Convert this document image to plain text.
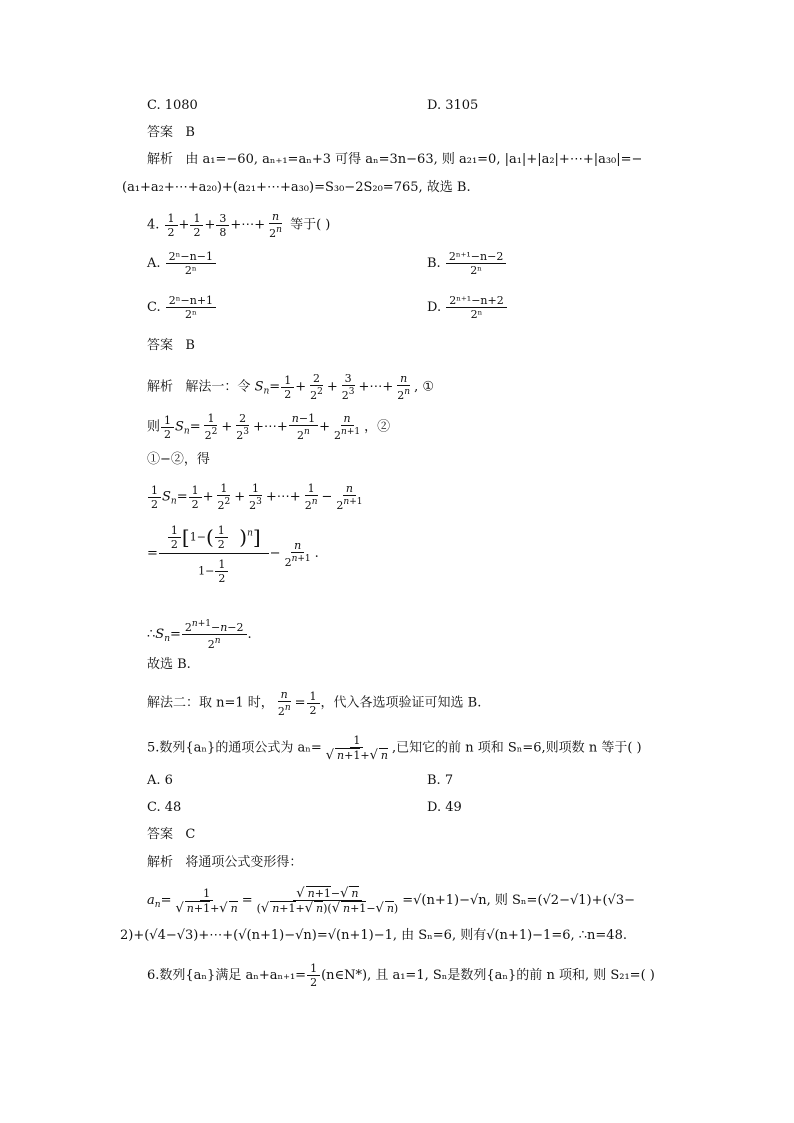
C. 1080	D. 3105
答案 B
解析 由 a₁=−60, aₙ₊₁=aₙ+3 可得 aₙ=3n−63, 则 a₂₁=0, |a₁|+|a₂|+⋯+|a₃₀|=−
(a₁+a₂+⋯+a₂₀)+(a₂₁+⋯+a₃₀)=S₃₀−2S₂₀=765, 故选 B.
4. $\frac{1}{2} + \frac{1}{2} + \frac{3}{8}$ +⋯+ $\frac{n}{2^n}$ 等于( )
A. $\frac{\text{2ⁿ−n−1}}{\text{2ⁿ}}$	B. $\frac{\text{2ⁿ⁺¹−n−2}}{\text{2ⁿ}}$
C. $\frac{\text{2ⁿ−n+1}}{\text{2ⁿ}}$	D. $\frac{\text{2ⁿ⁺¹−n+2}}{\text{2ⁿ}}$
答案 B
解析 解法一：令 $S_n= \frac{1}{2} + \frac{2}{2^2} + \frac{3}{2^3}$ +⋯+ $\frac{n}{2^n}$ , ①
则 $\frac{1}{2} S_n= \frac{1}{2^2} + \frac{2}{2^3}$ +⋯+ $\frac{n-1}{2^n} + \frac{n}{2^{n+1}}$ ，②
①−②，得
$\frac{1}{2} S_n= \frac{1}{2} + \frac{1}{2^2} + \frac{1}{2^3}$ +⋯+ $\frac{1}{2^n} - \frac{n}{2^{n+1}}$
= $\frac{\frac{1}{2} [1-( \frac{1}{2} )^n]}{1- \frac{1}{2}} - \frac{n}{2^{n+1}}$ .
$\therefore S_n= \frac{2^{n+1}-n-2}{2^n}$ .
故选 B.
解法二：取 n=1 时， $\frac{n}{2^n} = \frac{1}{2}$ ，代入各选项验证可知选 B.
5.数列{aₙ}的通项公式为 $a_n= \frac{1}{√ n+1+√ n}$ ,已知它的前 n 项和 Sₙ=6,则项数 n 等于( )
A. 6	B. 7
C. 48	D. 49
答案 C
解析 将通项公式变形得：
$a_n= \frac{1}{√ n+1+√ n} = \frac{√ n+1-√ n}{(√ n+1+√ n)(√ n+1-√ n)} =√(n+1)-√n$, 则 Sₙ=(√2−√1)+(√3−
2)+(√4−√3)+⋯+(√(n+1)−√n)=√(n+1)−1, 由 Sₙ=6, 则有√(n+1)−1=6, ∴n=48.
6.数列{aₙ}满足 $a_n+a_{n+1}= \frac{1}{2}$ (n∈N*), 且 a₁=1, Sₙ是数列{aₙ}的前 n 项和, 则 S₂₁=( )
